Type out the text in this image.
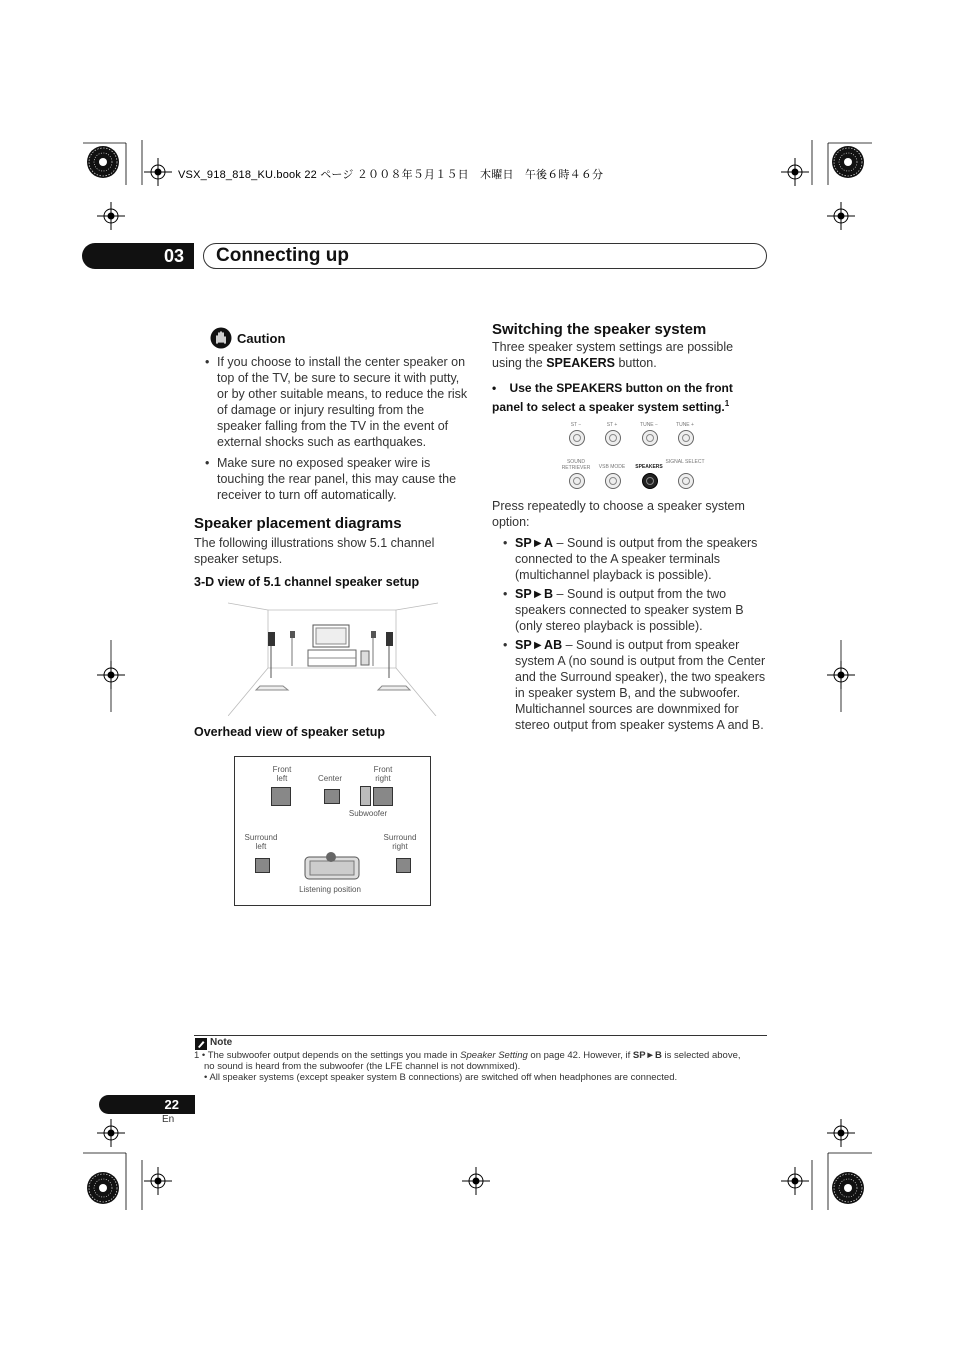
VSX_918_818_KU.book 22 ページ ２００８年５月１５日　木曜日　午後６時４６分
03	Connecting up
Caution
• If you choose to install the center speaker on top of the TV, be sure to secure it with putty, or by other suitable means, to reduce the risk of damage or injury resulting from the speaker falling from the TV in the event of external shocks such as earthquakes.
• Make sure no exposed speaker wire is touching the rear panel, this may cause the receiver to turn off automatically.
Speaker placement diagrams
The following illustrations show 5.1 channel speaker setups.
3-D view of 5.1 channel speaker setup
Overhead view of speaker setup
Front left	Center
Front right
Subwoofer
Surround left
Surround right
Listening position
Switching the speaker system
Three speaker system settings are possible using the SPEAKERS button.
•    Use the SPEAKERS button on the front panel to select a speaker system setting.$^1$
ST −	ST +	TUNE −	TUNE +
SOUND RETRIEVER	VSB MODE	SPEAKERS
SIGNAL SELECT
Press repeatedly to choose a speaker system option:
• SP►A – Sound is output from the speakers connected to the A speaker terminals (multichannel playback is possible).
• SP►B – Sound is output from the two speakers connected to speaker system B (only stereo playback is possible).
• SP►AB – Sound is output from speaker system A (no sound is output from the Center and the Surround speaker), the two speakers in speaker system B, and the subwoofer. Multichannel sources are downmixed for stereo output from speaker systems A and B.
Note
1 • The subwoofer output depends on the settings you made in Speaker Setting on page 42. However, if SP►B is selected above,
no sound is heard from the subwoofer (the LFE channel is not downmixed).
• All speaker systems (except speaker system B connections) are switched off when headphones are connected.
22
En
